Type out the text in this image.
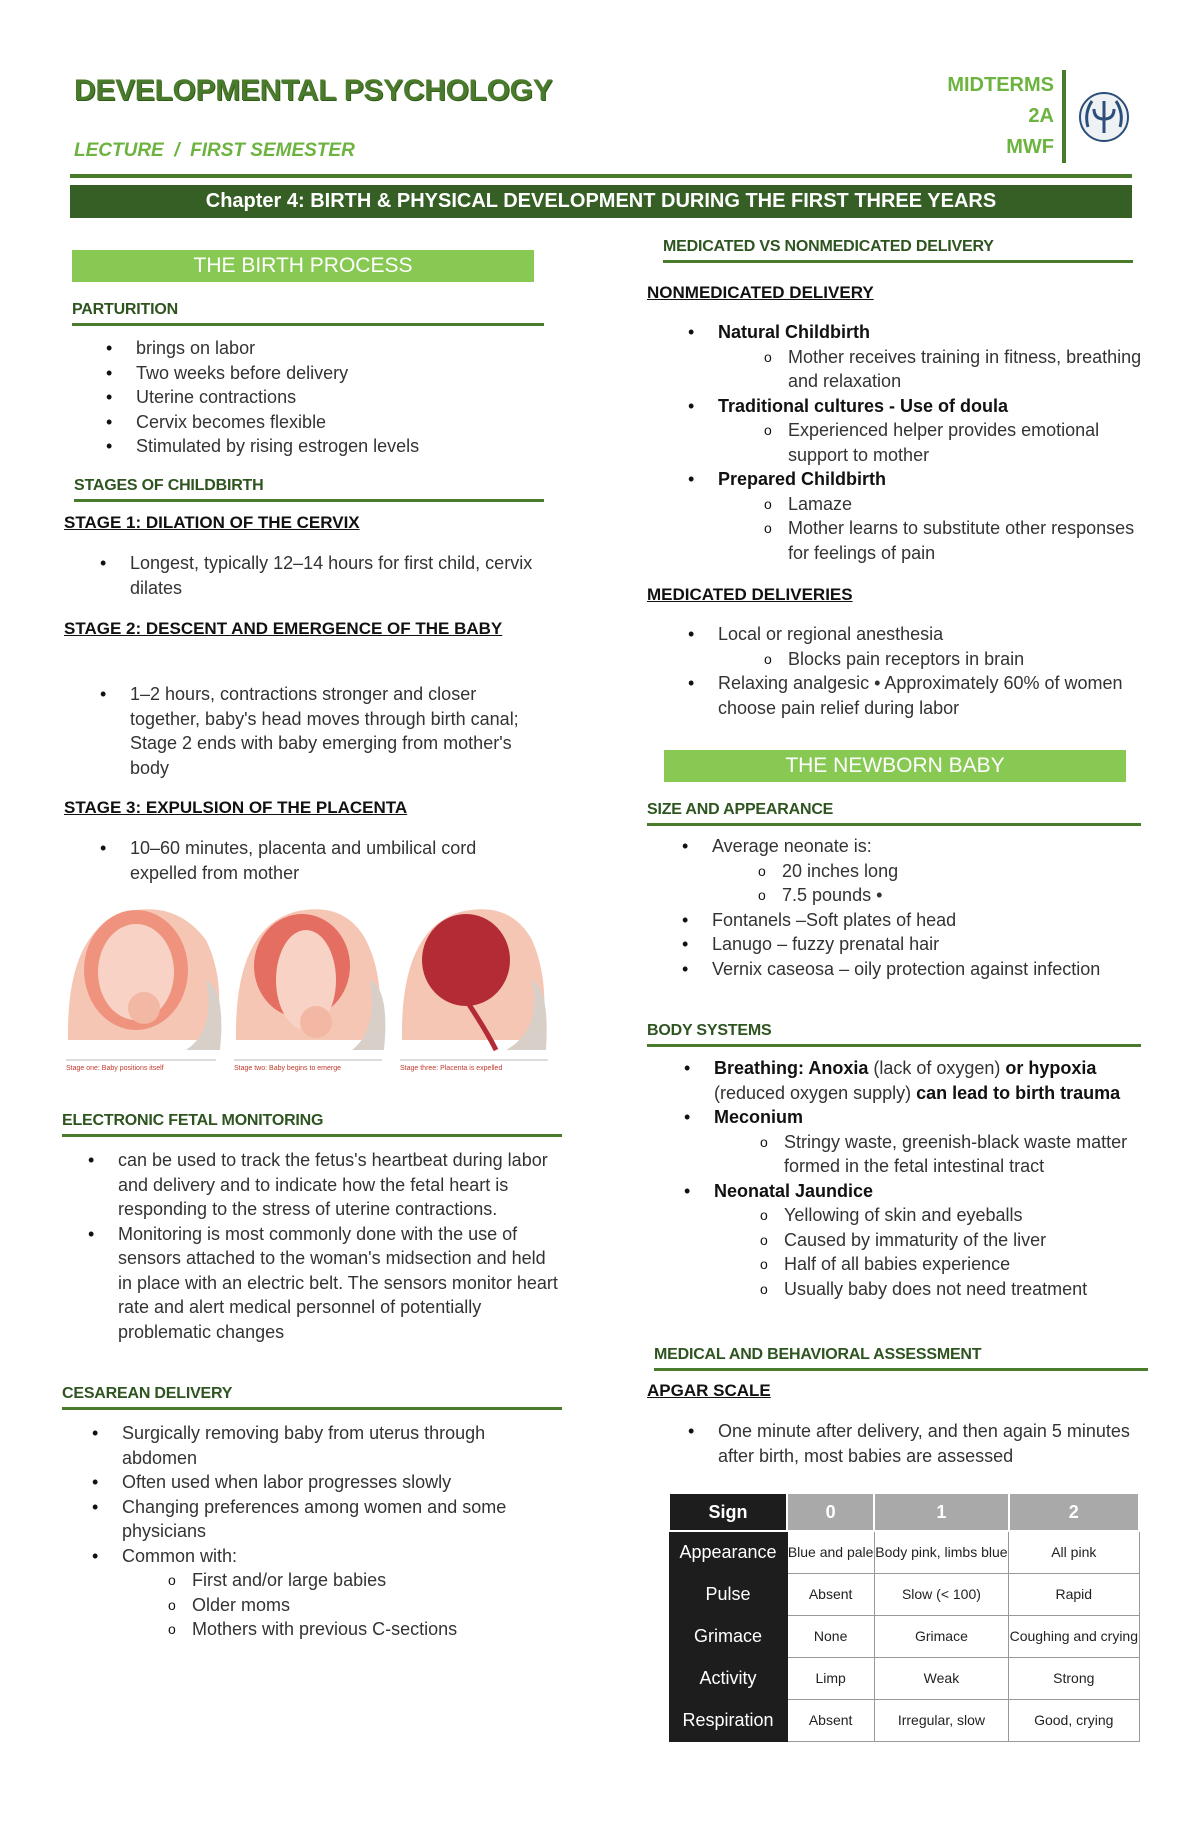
DEVELOPMENTAL PSYCHOLOGY
LECTURE  /  FIRST SEMESTER
MIDTERMS
2A
MWF
Chapter 4: BIRTH & PHYSICAL DEVELOPMENT DURING THE FIRST THREE YEARS
THE BIRTH PROCESS
PARTURITION
• brings on labor
• Two weeks before delivery
• Uterine contractions
• Cervix becomes flexible
• Stimulated by rising estrogen levels
STAGES OF CHILDBIRTH
STAGE 1: DILATION OF THE CERVIX
• Longest, typically 12–14 hours for first child, cervix dilates
STAGE 2: DESCENT AND EMERGENCE OF THE BABY
• 1–2 hours, contractions stronger and closer together, baby's head moves through birth canal; Stage 2 ends with baby emerging from mother's body
STAGE 3: EXPULSION OF THE PLACENTA
• 10–60 minutes, placenta and umbilical cord expelled from mother
Stage one: Baby positions itself	Stage two: Baby begins to emerge	Stage three: Placenta is expelled
ELECTRONIC FETAL MONITORING
• can be used to track the fetus's heartbeat during labor and delivery and to indicate how the fetal heart is responding to the stress of uterine contractions.
• Monitoring is most commonly done with the use of sensors attached to the woman's midsection and held in place with an electric belt. The sensors monitor heart rate and alert medical personnel of potentially problematic changes
CESAREAN DELIVERY
• Surgically removing baby from uterus through abdomen
• Often used when labor progresses slowly
• Changing preferences among women and some physicians
• Common with:
o First and/or large babies
o Older moms
o Mothers with previous C-sections
MEDICATED VS NONMEDICATED DELIVERY
NONMEDICATED DELIVERY
• Natural Childbirth
o Mother receives training in fitness, breathing and relaxation
• Traditional cultures - Use of doula
o Experienced helper provides emotional support to mother
• Prepared Childbirth
o Lamaze
o Mother learns to substitute other responses for feelings of pain
MEDICATED DELIVERIES
• Local or regional anesthesia
o Blocks pain receptors in brain
• Relaxing analgesic • Approximately 60% of women choose pain relief during labor
THE NEWBORN BABY
SIZE AND APPEARANCE
• Average neonate is:
o 20 inches long
o 7.5 pounds •
• Fontanels –Soft plates of head
• Lanugo – fuzzy prenatal hair
• Vernix caseosa – oily protection against infection
BODY SYSTEMS
• Breathing: Anoxia (lack of oxygen) or hypoxia (reduced oxygen supply) can lead to birth trauma
• Meconium
o Stringy waste, greenish-black waste matter formed in the fetal intestinal tract
• Neonatal Jaundice
o Yellowing of skin and eyeballs
o Caused by immaturity of the liver
o Half of all babies experience
o Usually baby does not need treatment
MEDICAL AND BEHAVIORAL ASSESSMENT
APGAR SCALE
• One minute after delivery, and then again 5 minutes after birth, most babies are assessed
Sign	0	1	2
Appearance	Blue and pale	Body pink, limbs blue	All pink
Pulse	Absent	Slow (< 100)	Rapid
Grimace	None	Grimace	Coughing and crying
Activity	Limp	Weak	Strong
Respiration	Absent	Irregular, slow	Good, crying
